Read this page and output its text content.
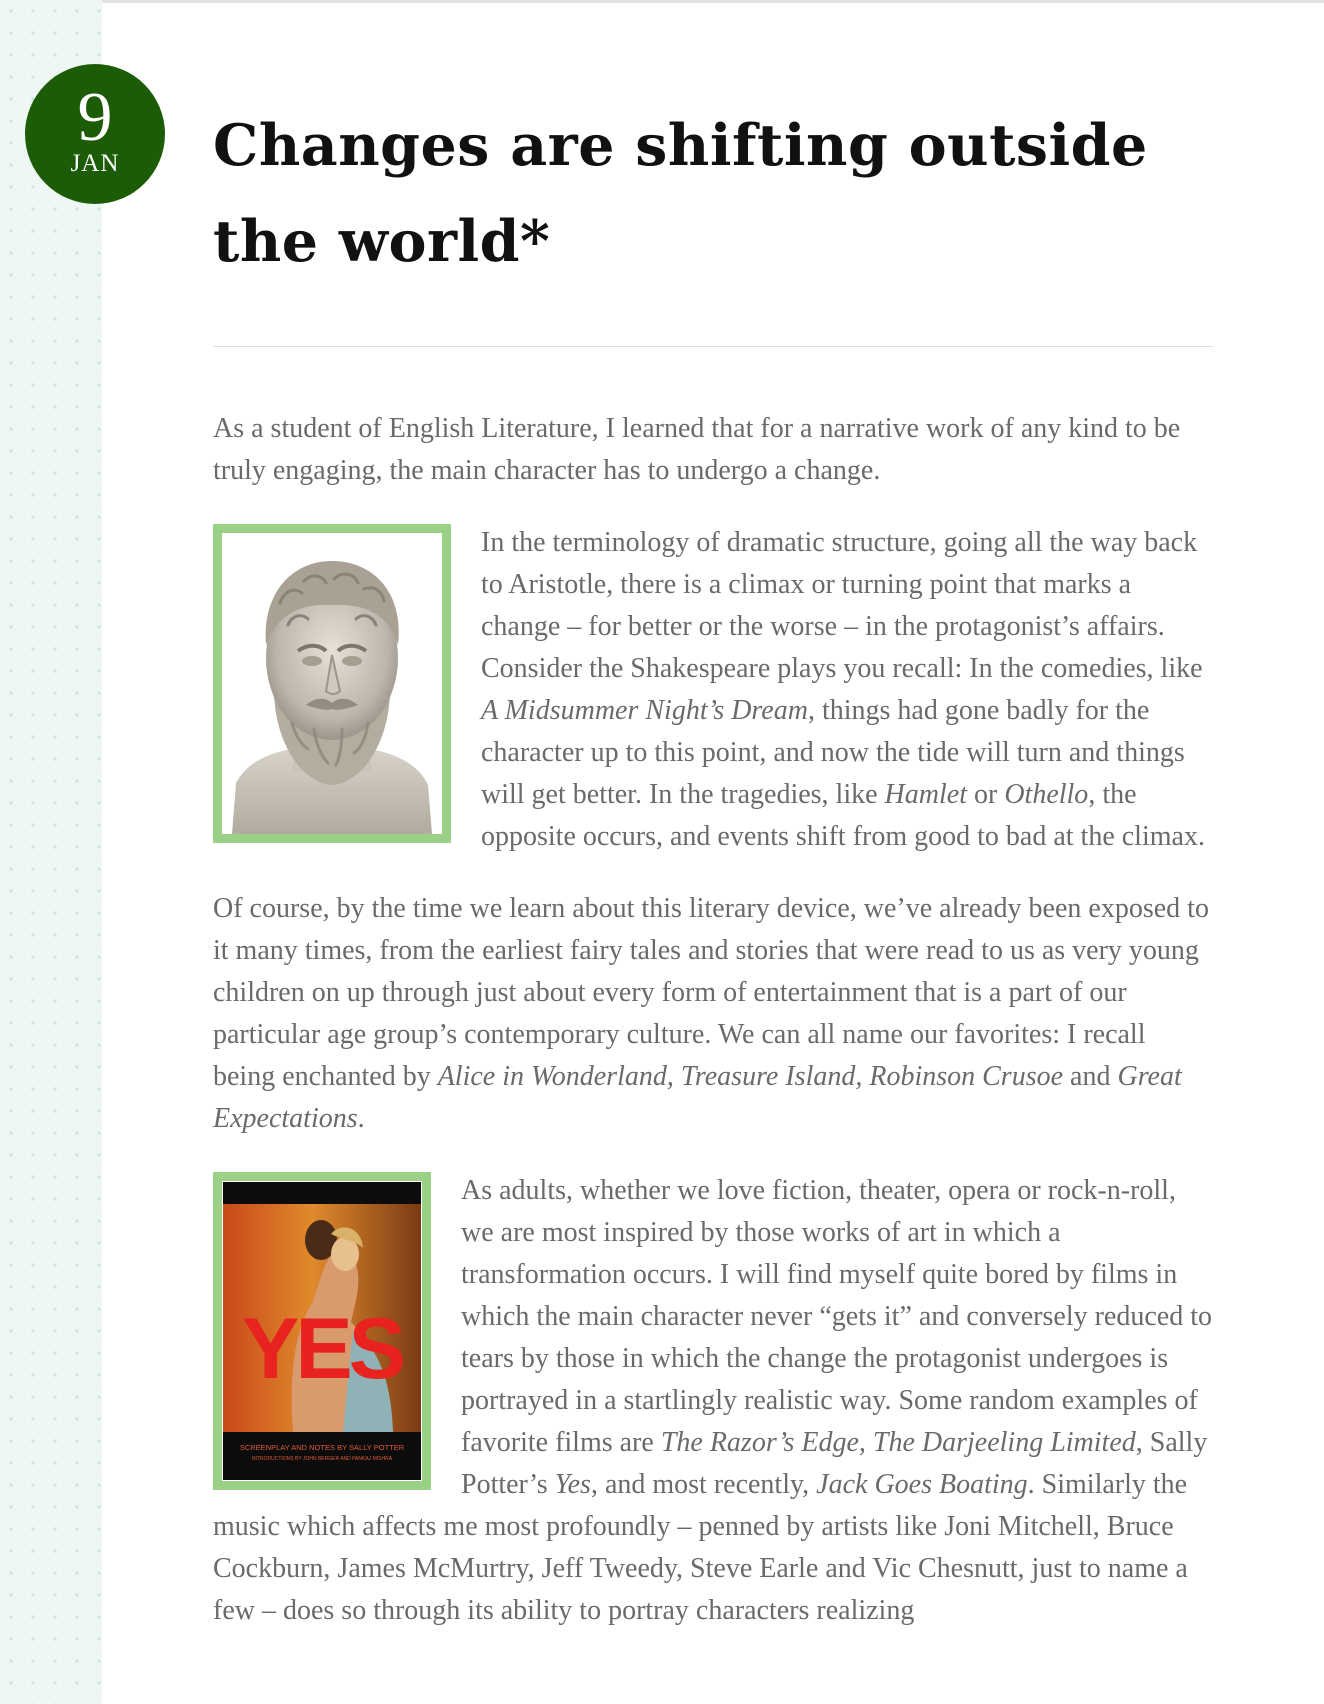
9
JAN	Changes are shifting outside the world*

As a student of English Literature, I learned that for a narrative work of any kind to be truly engaging, the main character has to undergo a change.

In the terminology of dramatic structure, going all the way back to Aristotle, there is a climax or turning point that marks a change – for better or the worse – in the protagonist’s affairs. Consider the Shakespeare plays you recall: In the comedies, like A Midsummer Night’s Dream, things had gone badly for the character up to this point, and now the tide will turn and things will get better. In the tragedies, like Hamlet or Othello, the opposite occurs, and events shift from good to bad at the climax.

Of course, by the time we learn about this literary device, we’ve already been exposed to it many times, from the earliest fairy tales and stories that were read to us as very young children on up through just about every form of entertainment that is a part of our particular age group’s contemporary culture. We can all name our favorites: I recall being enchanted by Alice in Wonderland, Treasure Island, Robinson Crusoe and Great Expectations.

YES
SCREENPLAY AND NOTES BY SALLY POTTER
INTRODUCTIONS BY JOHN BERGER AND PANKAJ MISHRA

As adults, whether we love fiction, theater, opera or rock-n-roll, we are most inspired by those works of art in which a transformation occurs. I will find myself quite bored by films in which the main character never “gets it” and conversely reduced to tears by those in which the change the protagonist undergoes is portrayed in a startlingly realistic way. Some random examples of favorite films are The Razor’s Edge, The Darjeeling Limited, Sally Potter’s Yes, and most recently, Jack Goes Boating. Similarly the music which affects me most profoundly – penned by artists like Joni Mitchell, Bruce Cockburn, James McMurtry, Jeff Tweedy, Steve Earle and Vic Chesnutt, just to name a few – does so through its ability to portray characters realizing
